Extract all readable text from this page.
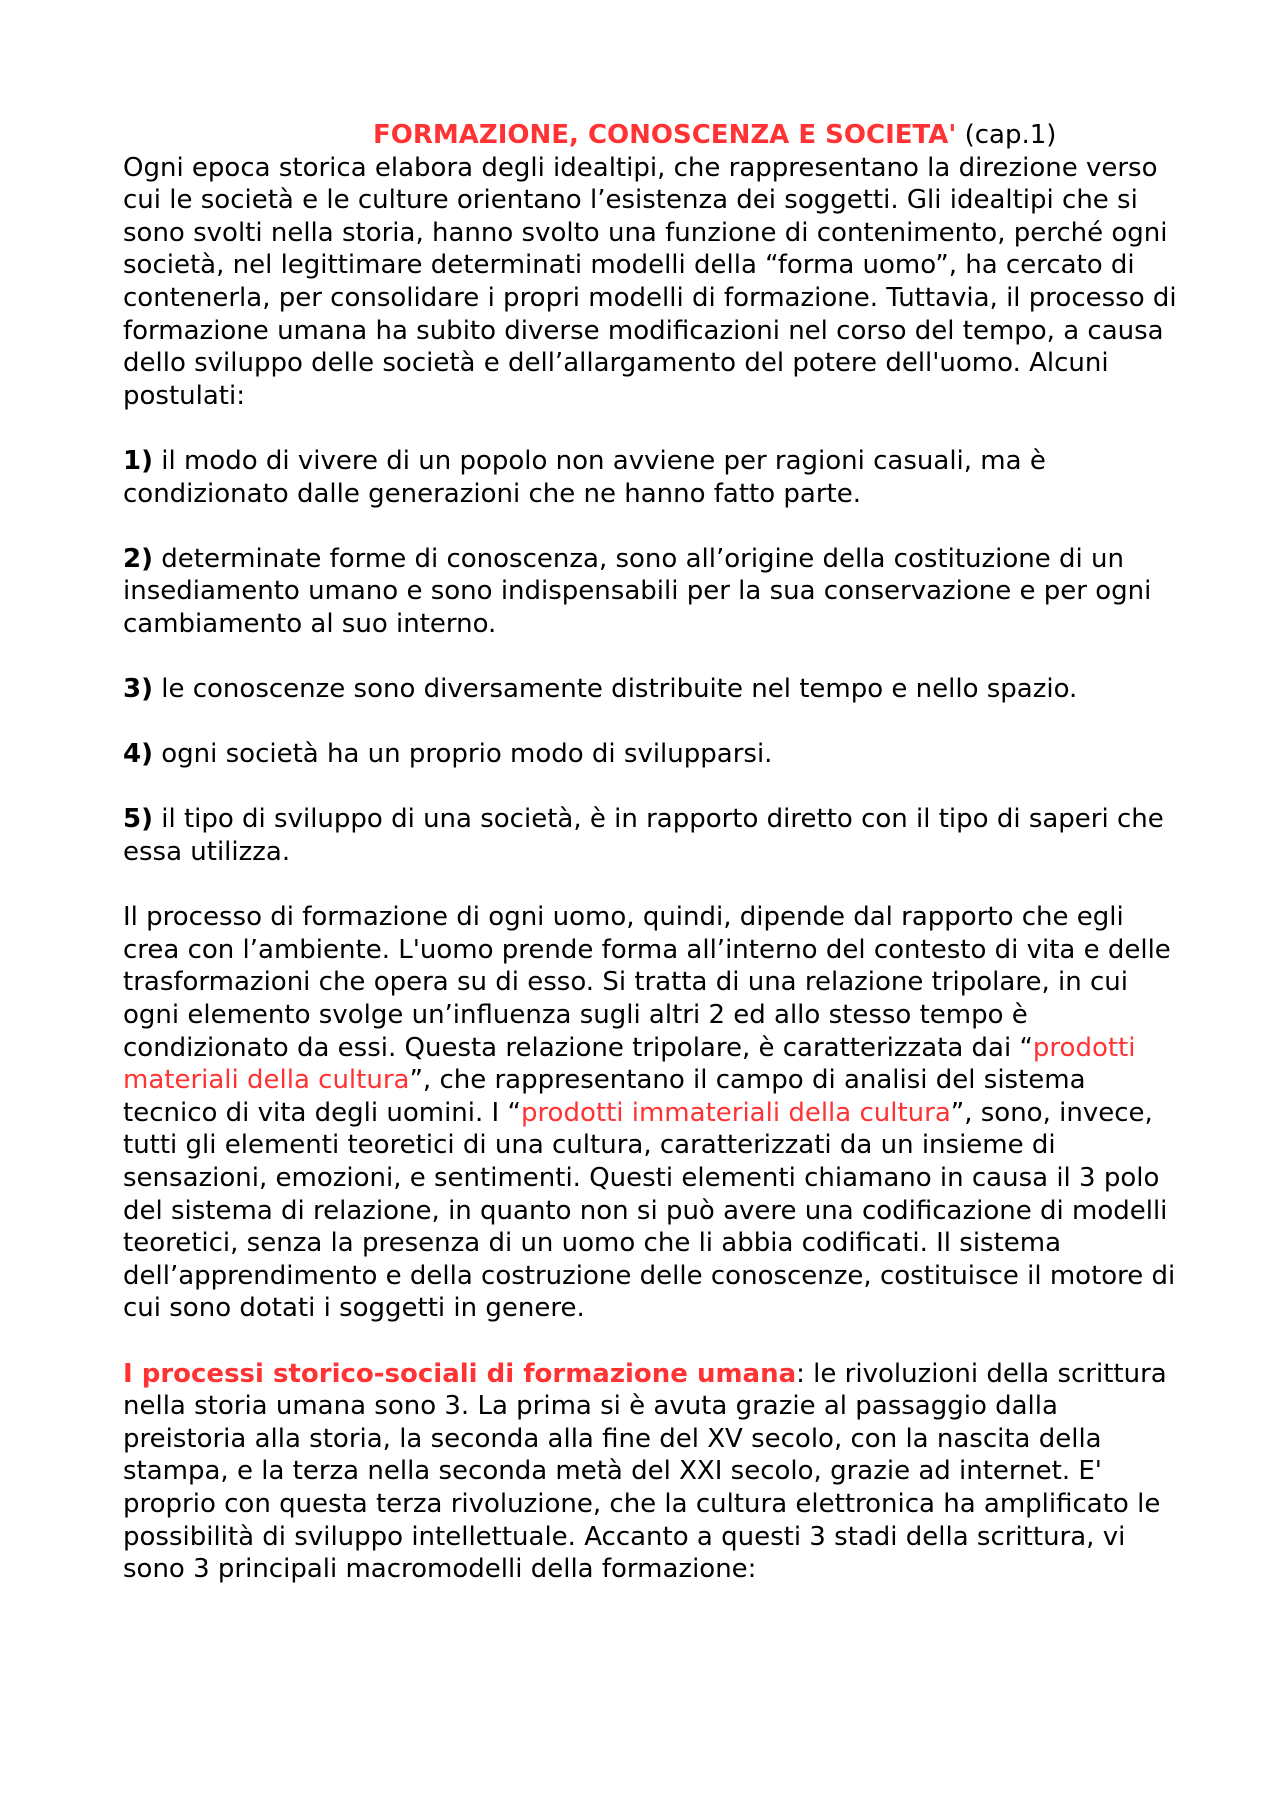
FORMAZIONE, CONOSCENZA E SOCIETA' (cap.1)

Ogni epoca storica elabora degli idealtipi, che rappresentano la direzione verso cui le società e le culture orientano l’esistenza dei soggetti. Gli idealtipi che si sono svolti nella storia, hanno svolto una funzione di contenimento, perché ogni società, nel legittimare determinati modelli della “forma uomo”, ha cercato di contenerla, per consolidare i propri modelli di formazione. Tuttavia, il processo di formazione umana ha subito diverse modificazioni nel corso del tempo, a causa dello sviluppo delle società e dell’allargamento del potere dell'uomo. Alcuni postulati:

1) il modo di vivere di un popolo non avviene per ragioni casuali, ma è condizionato dalle generazioni che ne hanno fatto parte.

2) determinate forme di conoscenza, sono all’origine della costituzione di un insediamento umano e sono indispensabili per la sua conservazione e per ogni cambiamento al suo interno.

3) le conoscenze sono diversamente distribuite nel tempo e nello spazio.

4) ogni società ha un proprio modo di svilupparsi.

5) il tipo di sviluppo di una società, è in rapporto diretto con il tipo di saperi che essa utilizza.

Il processo di formazione di ogni uomo, quindi, dipende dal rapporto che egli crea con l’ambiente. L'uomo prende forma all’interno del contesto di vita e delle trasformazioni che opera su di esso. Si tratta di una relazione tripolare, in cui ogni elemento svolge un’influenza sugli altri 2 ed allo stesso tempo è condizionato da essi. Questa relazione tripolare, è caratterizzata dai “prodotti materiali della cultura”, che rappresentano il campo di analisi del sistema tecnico di vita degli uomini. I “prodotti immateriali della cultura”, sono, invece, tutti gli elementi teoretici di una cultura, caratterizzati da un insieme di sensazioni, emozioni, e sentimenti. Questi elementi chiamano in causa il 3 polo del sistema di relazione, in quanto non si può avere una codificazione di modelli teoretici, senza la presenza di un uomo che li abbia codificati. Il sistema dell’apprendimento e della costruzione delle conoscenze, costituisce il motore di cui sono dotati i soggetti in genere.

I processi storico-sociali di formazione umana: le rivoluzioni della scrittura nella storia umana sono 3. La prima si è avuta grazie al passaggio dalla preistoria alla storia, la seconda alla fine del XV secolo, con la nascita della stampa, e la terza nella seconda metà del XXI secolo, grazie ad internet. E' proprio con questa terza rivoluzione, che la cultura elettronica ha amplificato le possibilità di sviluppo intellettuale. Accanto a questi 3 stadi della scrittura, vi sono 3 principali macromodelli della formazione:
